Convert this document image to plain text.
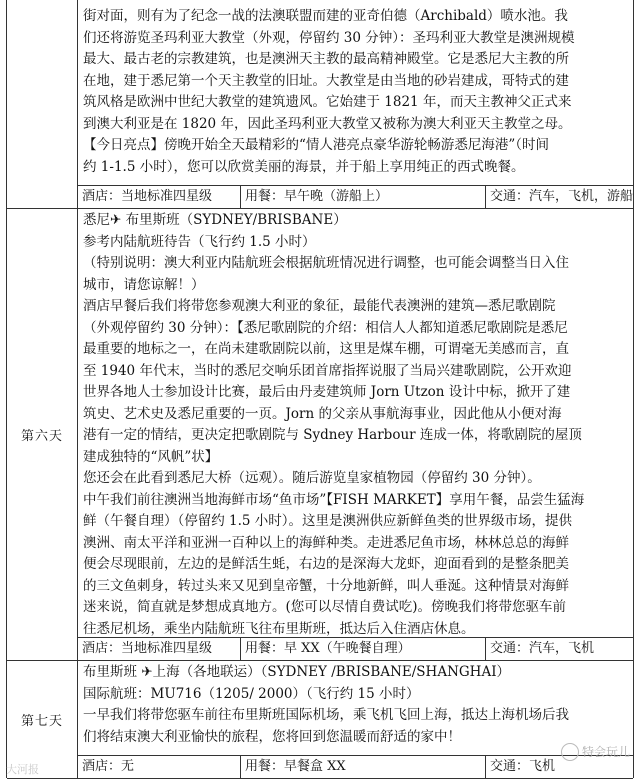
街对面，则有为了纪念一战的法澳联盟而建的亚奇伯德（Archibald）喷水池。我
们还将游览圣玛利亚大教堂（外观，停留约 30 分钟）：圣玛利亚大教堂是澳洲规模
最大、最古老的宗教建筑，也是澳洲天主教的最高精神殿堂。它是悉尼大主教的所
在地，建于悉尼第一个天主教堂的旧址。大教堂是由当地的砂岩建成，哥特式的建
筑风格是欧洲中世纪大教堂的建筑遗风。它始建于 1821 年，而天主教神父正式来
到澳大利亚是在 1820 年，因此圣玛利亚大教堂又被称为澳大利亚天主教堂之母。
【今日亮点】傍晚开始全天最精彩的“情人港亮点豪华游轮畅游悉尼海港”（时间
约 1-1.5 小时），您可以欣赏美丽的海景，并于船上享用纯正的西式晚餐。
酒店：当地标准四星级	用餐：早午晚（游船上）	交通：汽车，飞机，游船
第六天
悉尼✈ 布里斯班（SYDNEY/BRISBANE）
参考内陆航班待告（飞行约 1.5 小时）
（特别说明：澳大利亚内陆航班会根据航班情况进行调整，也可能会调整当日入住
城市，请您谅解！）
酒店早餐后我们将带您参观澳大利亚的象征，最能代表澳洲的建筑—悉尼歌剧院
（外观停留约 30 分钟）：【悉尼歌剧院的介绍：相信人人都知道悉尼歌剧院是悉尼
最重要的地标之一，在尚未建歌剧院以前，这里是煤车棚，可谓毫无美感而言，直
至 1940 年代末，当时的悉尼交响乐团首席指挥说服了当局兴建歌剧院，公开欢迎
世界各地人士参加设计比赛，最后由丹麦建筑师 Jorn Utzon 设计中标，掀开了建
筑史、艺术史及悉尼重要的一页。Jorn 的父亲从事航海事业，因此他从小便对海
港有一定的情结，更决定把歌剧院与 Sydney Harbour 连成一体，将歌剧院的屋顶
建成独特的“风帆”状】
您还会在此看到悉尼大桥（远观）。随后游览皇家植物园（停留约 30 分钟）。
中午我们前往澳洲当地海鲜市场“鱼市场”【FISH MARKET】享用午餐，品尝生猛海
鲜（午餐自理）（停留约 1.5 小时）。这里是澳洲供应新鲜鱼类的世界级市场，提供
澳洲、南太平洋和亚洲一百种以上的海鲜种类。走进悉尼鱼市场，林林总总的海鲜
便会尽现眼前，左边的是鲜活生蚝，右边的是深海大龙虾，迎面看到的是整条肥美
的三文鱼刺身，转过头来又见到皇帝蟹，十分地新鲜，叫人垂涎。这种情景对海鲜
迷来说，简直就是梦想成真地方。(您可以尽情自费试吃)。傍晚我们将带您驱车前
往悉尼机场，乘坐内陆航班飞往布里斯班，抵达后入住酒店休息。
酒店：当地标准四星级	用餐：早 XX（午晚餐自理）	交通：汽车，飞机
第七天
布里斯班 ✈上海（各地联运）（SYDNEY /BRISBANE/SHANGHAI）
国际航班：MU716（1205/ 2000）（飞行约 15 小时）
一早我们将带您驱车前往布里斯班国际机场，乘飞机飞回上海，抵达上海机场后我
们将结束澳大利亚愉快的旅程，您将回到您温暖而舒适的家中！
酒店：无	用餐：早餐盒 XX	交通：飞机
大河报
特会玩儿
